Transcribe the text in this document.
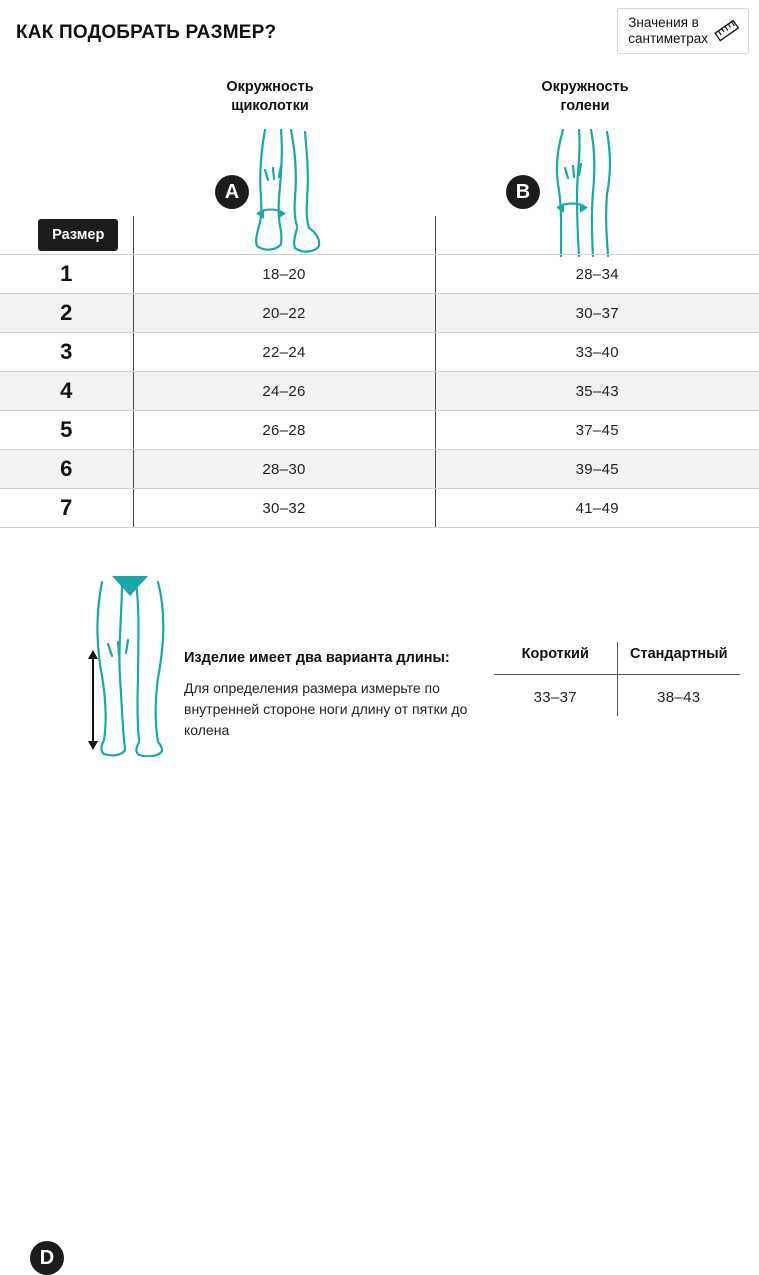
КАК ПОДОБРАТЬ РАЗМЕР?	Значения в
сантиметрах
Окружность
щиколотки
Окружность
голени
A	B
Размер		
1	18–20	28–34
2	20–22	30–37
3	22–24	33–40
4	24–26	35–43
5	26–28	37–45
6	28–30	39–45
7	30–32	41–49
D
Изделие имеет два варианта длины:
Для определения размера измерьте по внутренней стороне ноги длину от пятки до колена
Короткий	Стандартный
33–37	38–43
